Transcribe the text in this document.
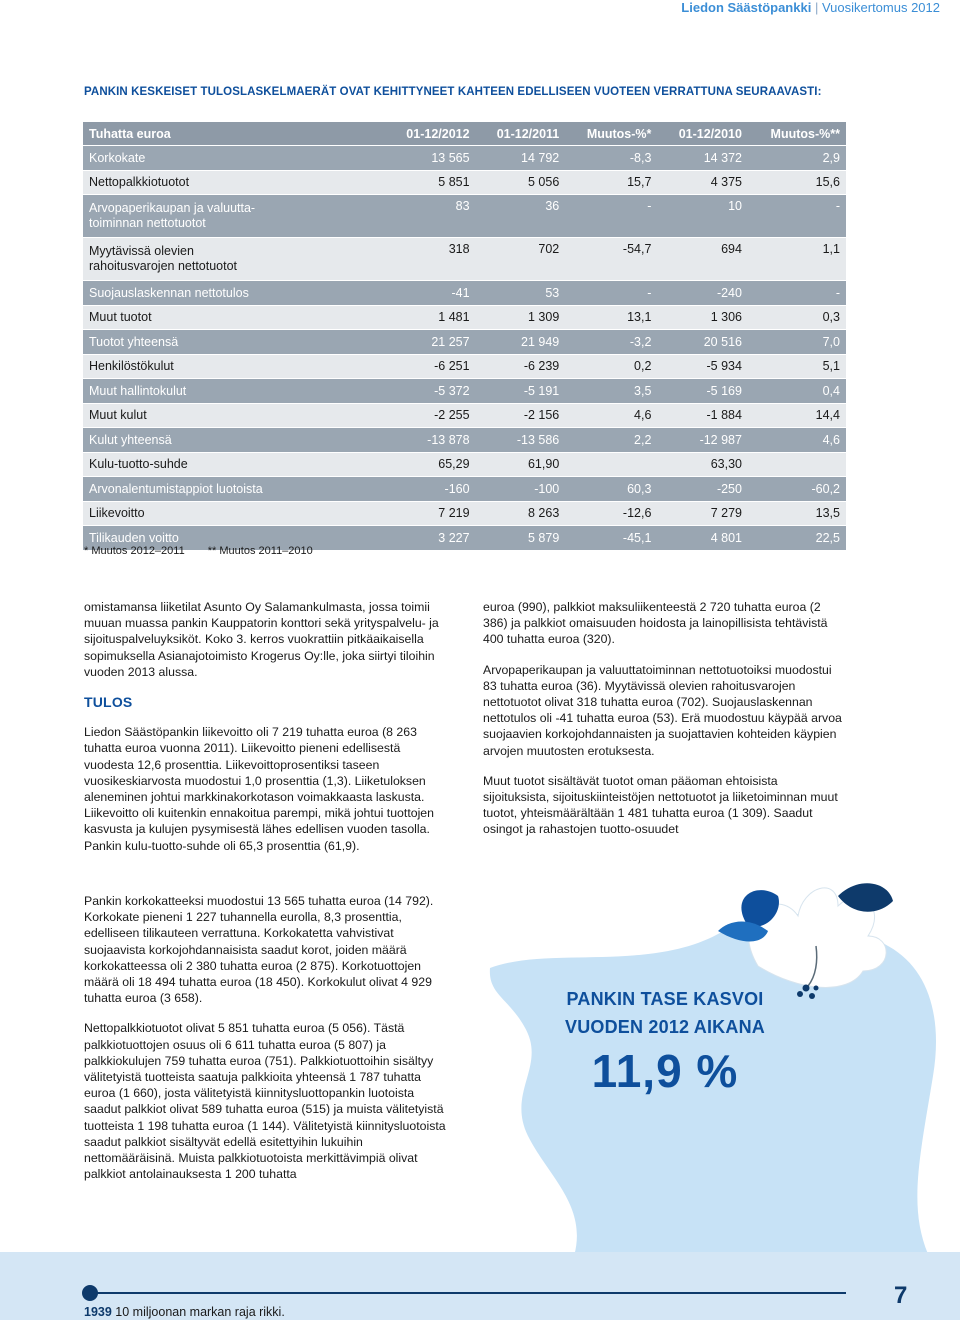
Liedon Säästöpankki | Vuosikertomus 2012
PANKIN KESKEISET TULOSLASKELMAERÄT OVAT KEHITTYNEET KAHTEEN EDELLISEEN VUOTEEN VERRATTUNA SEURAAVASTI:
Tuhatta euroa	01-12/2012	01-12/2011	Muutos-%*	01-12/2010	Muutos-%**
Korkokate	13 565	14 792	-8,3	14 372	2,9
Nettopalkkiotuotot	5 851	5 056	15,7	4 375	15,6
Arvopaperikaupan ja valuutta-
toiminnan nettotuotot	83	36	-	10	-
Myytävissä olevien
rahoitusvarojen nettotuotot	318	702	-54,7	694	1,1
Suojauslaskennan nettotulos	-41	53	-	-240	-
Muut tuotot	1 481	1 309	13,1	1 306	0,3
Tuotot yhteensä	21 257	21 949	-3,2	20 516	7,0
Henkilöstökulut	-6 251	-6 239	0,2	-5 934	5,1
Muut hallintokulut	-5 372	-5 191	3,5	-5 169	0,4
Muut kulut	-2 255	-2 156	4,6	-1 884	14,4
Kulut yhteensä	-13 878	-13 586	2,2	-12 987	4,6
Kulu-tuotto-suhde	65,29	61,90		63,30	
Arvonalentumistappiot luotoista	-160	-100	60,3	-250	-60,2
Liikevoitto	7 219	8 263	-12,6	7 279	13,5
Tilikauden voitto	3 227	5 879	-45,1	4 801	22,5
* Muutos 2012–2011 ** Muutos 2011–2010

omistamansa liiketilat Asunto Oy Salamankulmasta, jossa toimii muuan muassa pankin Kauppatorin konttori sekä yrityspalvelu- ja sijoituspalveluyksiköt. Koko 3. kerros vuokrattiin pitkäaikaisella sopimuksella Asianajotoimisto Krogerus Oy:lle, joka siirtyi tiloihin vuoden 2013 alussa.

TULOS

Liedon Säästöpankin liikevoitto oli 7 219 tuhatta euroa (8 263 tuhatta euroa vuonna 2011). Liikevoitto pieneni edellisestä vuodesta 12,6 prosenttia. Liikevoittoprosentiksi taseen vuosikeskiarvosta muodostui 1,0 prosenttia (1,3). Liiketuloksen aleneminen johtui markkinakorkotason voimakkaasta laskusta. Liikevoitto oli kuitenkin ennakoitua parempi, mikä johtui tuottojen kasvusta ja kulujen pysymisestä lähes edellisen vuoden tasolla. Pankin kulu-tuotto-suhde oli 65,3 prosenttia (61,9).

Pankin korkokatteeksi muodostui 13 565 tuhatta euroa (14 792). Korkokate pieneni 1 227 tuhannella eurolla, 8,3 prosenttia, edelliseen tilikauteen verrattuna. Korkokatetta vahvistivat suojaavista korkojohdannaisista saadut korot, joiden määrä korkokatteessa oli 2 380 tuhatta euroa (2 875). Korkotuottojen määrä oli 18 494 tuhatta euroa (18 450). Korkokulut olivat 4 929 tuhatta euroa (3 658).

Nettopalkkiotuotot olivat 5 851 tuhatta euroa (5 056). Tästä palkkiotuottojen osuus oli 6 611 tuhatta euroa (5 807) ja palkkiokulujen 759 tuhatta euroa (751). Palkkiotuottoihin sisältyy välitetyistä tuotteista saatuja palkkioita yhteensä 1 787 tuhatta euroa (1 660), josta välitetyistä kiinnitysluottopankin luotoista saadut palkkiot olivat 589 tuhatta euroa (515) ja muista välitetyistä tuotteista 1 198 tuhatta euroa (1 144). Välitetyistä kiinnitysluotoista saadut palkkiot sisältyvät edellä esitettyihin lukuihin nettomääräisinä. Muista palkkiotuotoista merkittävimpiä olivat palkkiot antolainauksesta 1 200 tuhatta

euroa (990), palkkiot maksuliikenteestä 2 720 tuhatta euroa (2 386) ja palkkiot omaisuuden hoidosta ja lainopillisista tehtävistä 400 tuhatta euroa (320).

Arvopaperikaupan ja valuuttatoiminnan nettotuotoiksi muodostui 83 tuhatta euroa (36). Myytävissä olevien rahoitusvarojen nettotuotot olivat 318 tuhatta euroa (702). Suojauslaskennan nettotulos oli -41 tuhatta euroa (53). Erä muodostuu käypää arvoa suojaavien korkojohdannaisten ja suojattavien kohteiden käypien arvojen muutosten erotuksesta.

Muut tuotot sisältävät tuotot oman pääoman ehtoisista sijoituksista, sijoituskiinteistöjen nettotuotot ja liiketoiminnan muut tuotot, yhteismäärältään 1 481 tuhatta euroa (1 309). Saadut osingot ja rahastojen tuotto-osuudet

PANKIN TASE KASVOI
VUODEN 2012 AIKANA
11,9 %
1939 10 miljoonan markan raja rikki.
7
